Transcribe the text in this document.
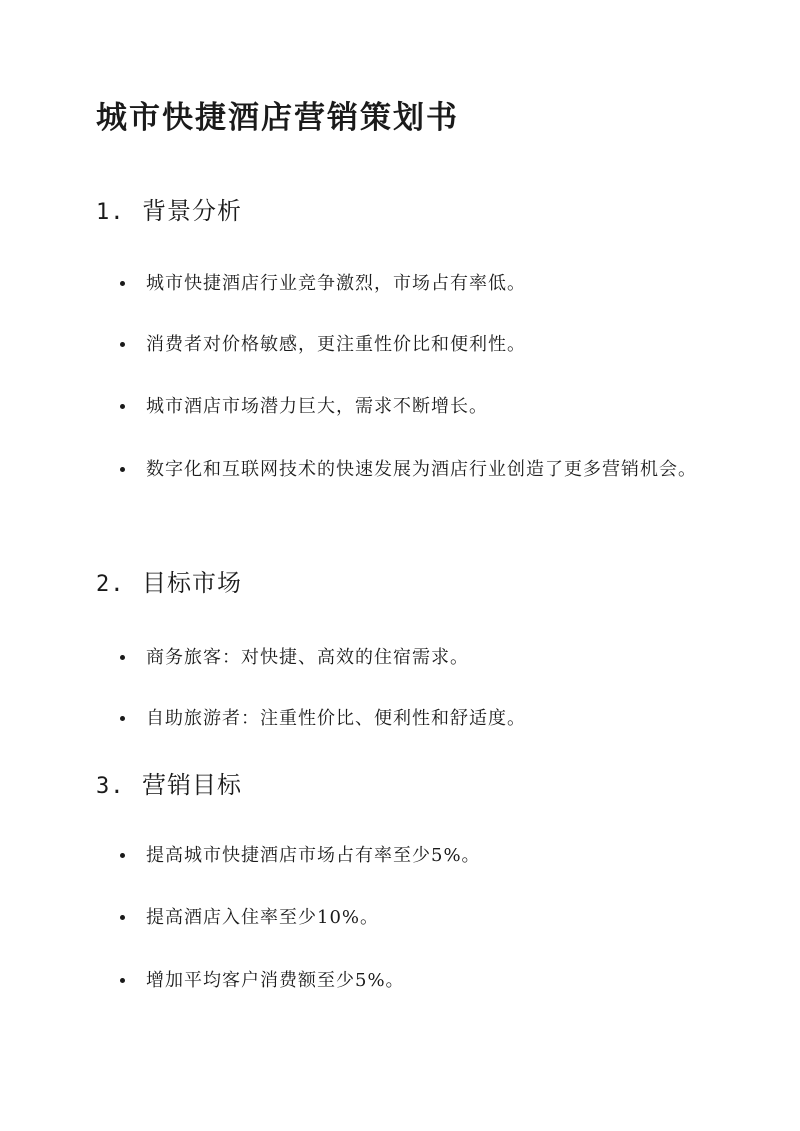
城市快捷酒店营销策划书
1. 背景分析

城市快捷酒店行业竞争激烈，市场占有率低。

消费者对价格敏感，更注重性价比和便利性。

城市酒店市场潜力巨大，需求不断增长。

数字化和互联网技术的快速发展为酒店行业创造了更多营销机会。

2. 目标市场

商务旅客：对快捷、高效的住宿需求。

自助旅游者：注重性价比、便利性和舒适度。

3. 营销目标

提高城市快捷酒店市场占有率至少5%。

提高酒店入住率至少10%。

增加平均客户消费额至少5%。
